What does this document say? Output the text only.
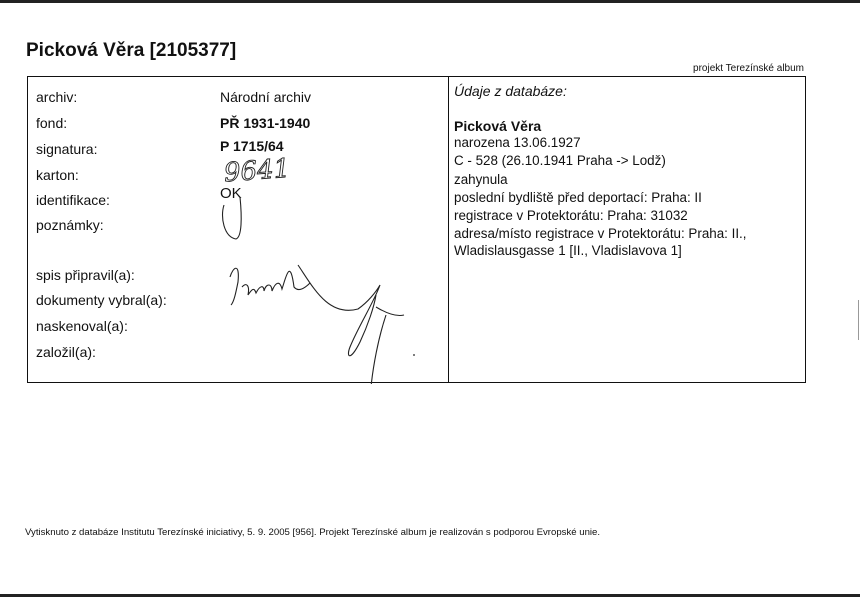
Picková Věra [2105377]
projekt Terezínské album
archiv:
fond:
signatura:
karton:
identifikace:
poznámky:
spis připravil(a):
dokumenty vybral(a):
naskenoval(a):
založil(a):
Národní archiv
PŘ 1931-1940
P 1715/64
OK
9641
Údaje z databáze:
Picková Věra
narozena 13.06.1927
C - 528 (26.10.1941 Praha -> Lodž)
zahynula
poslední bydliště před deportací: Praha: II
registrace v Protektorátu: Praha: 31032
adresa/místo registrace v Protektorátu: Praha: II.,
Wladislausgasse 1 [II., Vladislavova 1]
Vytisknuto z databáze Institutu Terezínské iniciativy, 5. 9. 2005 [956]. Projekt Terezínské album je realizován s podporou Evropské unie.
